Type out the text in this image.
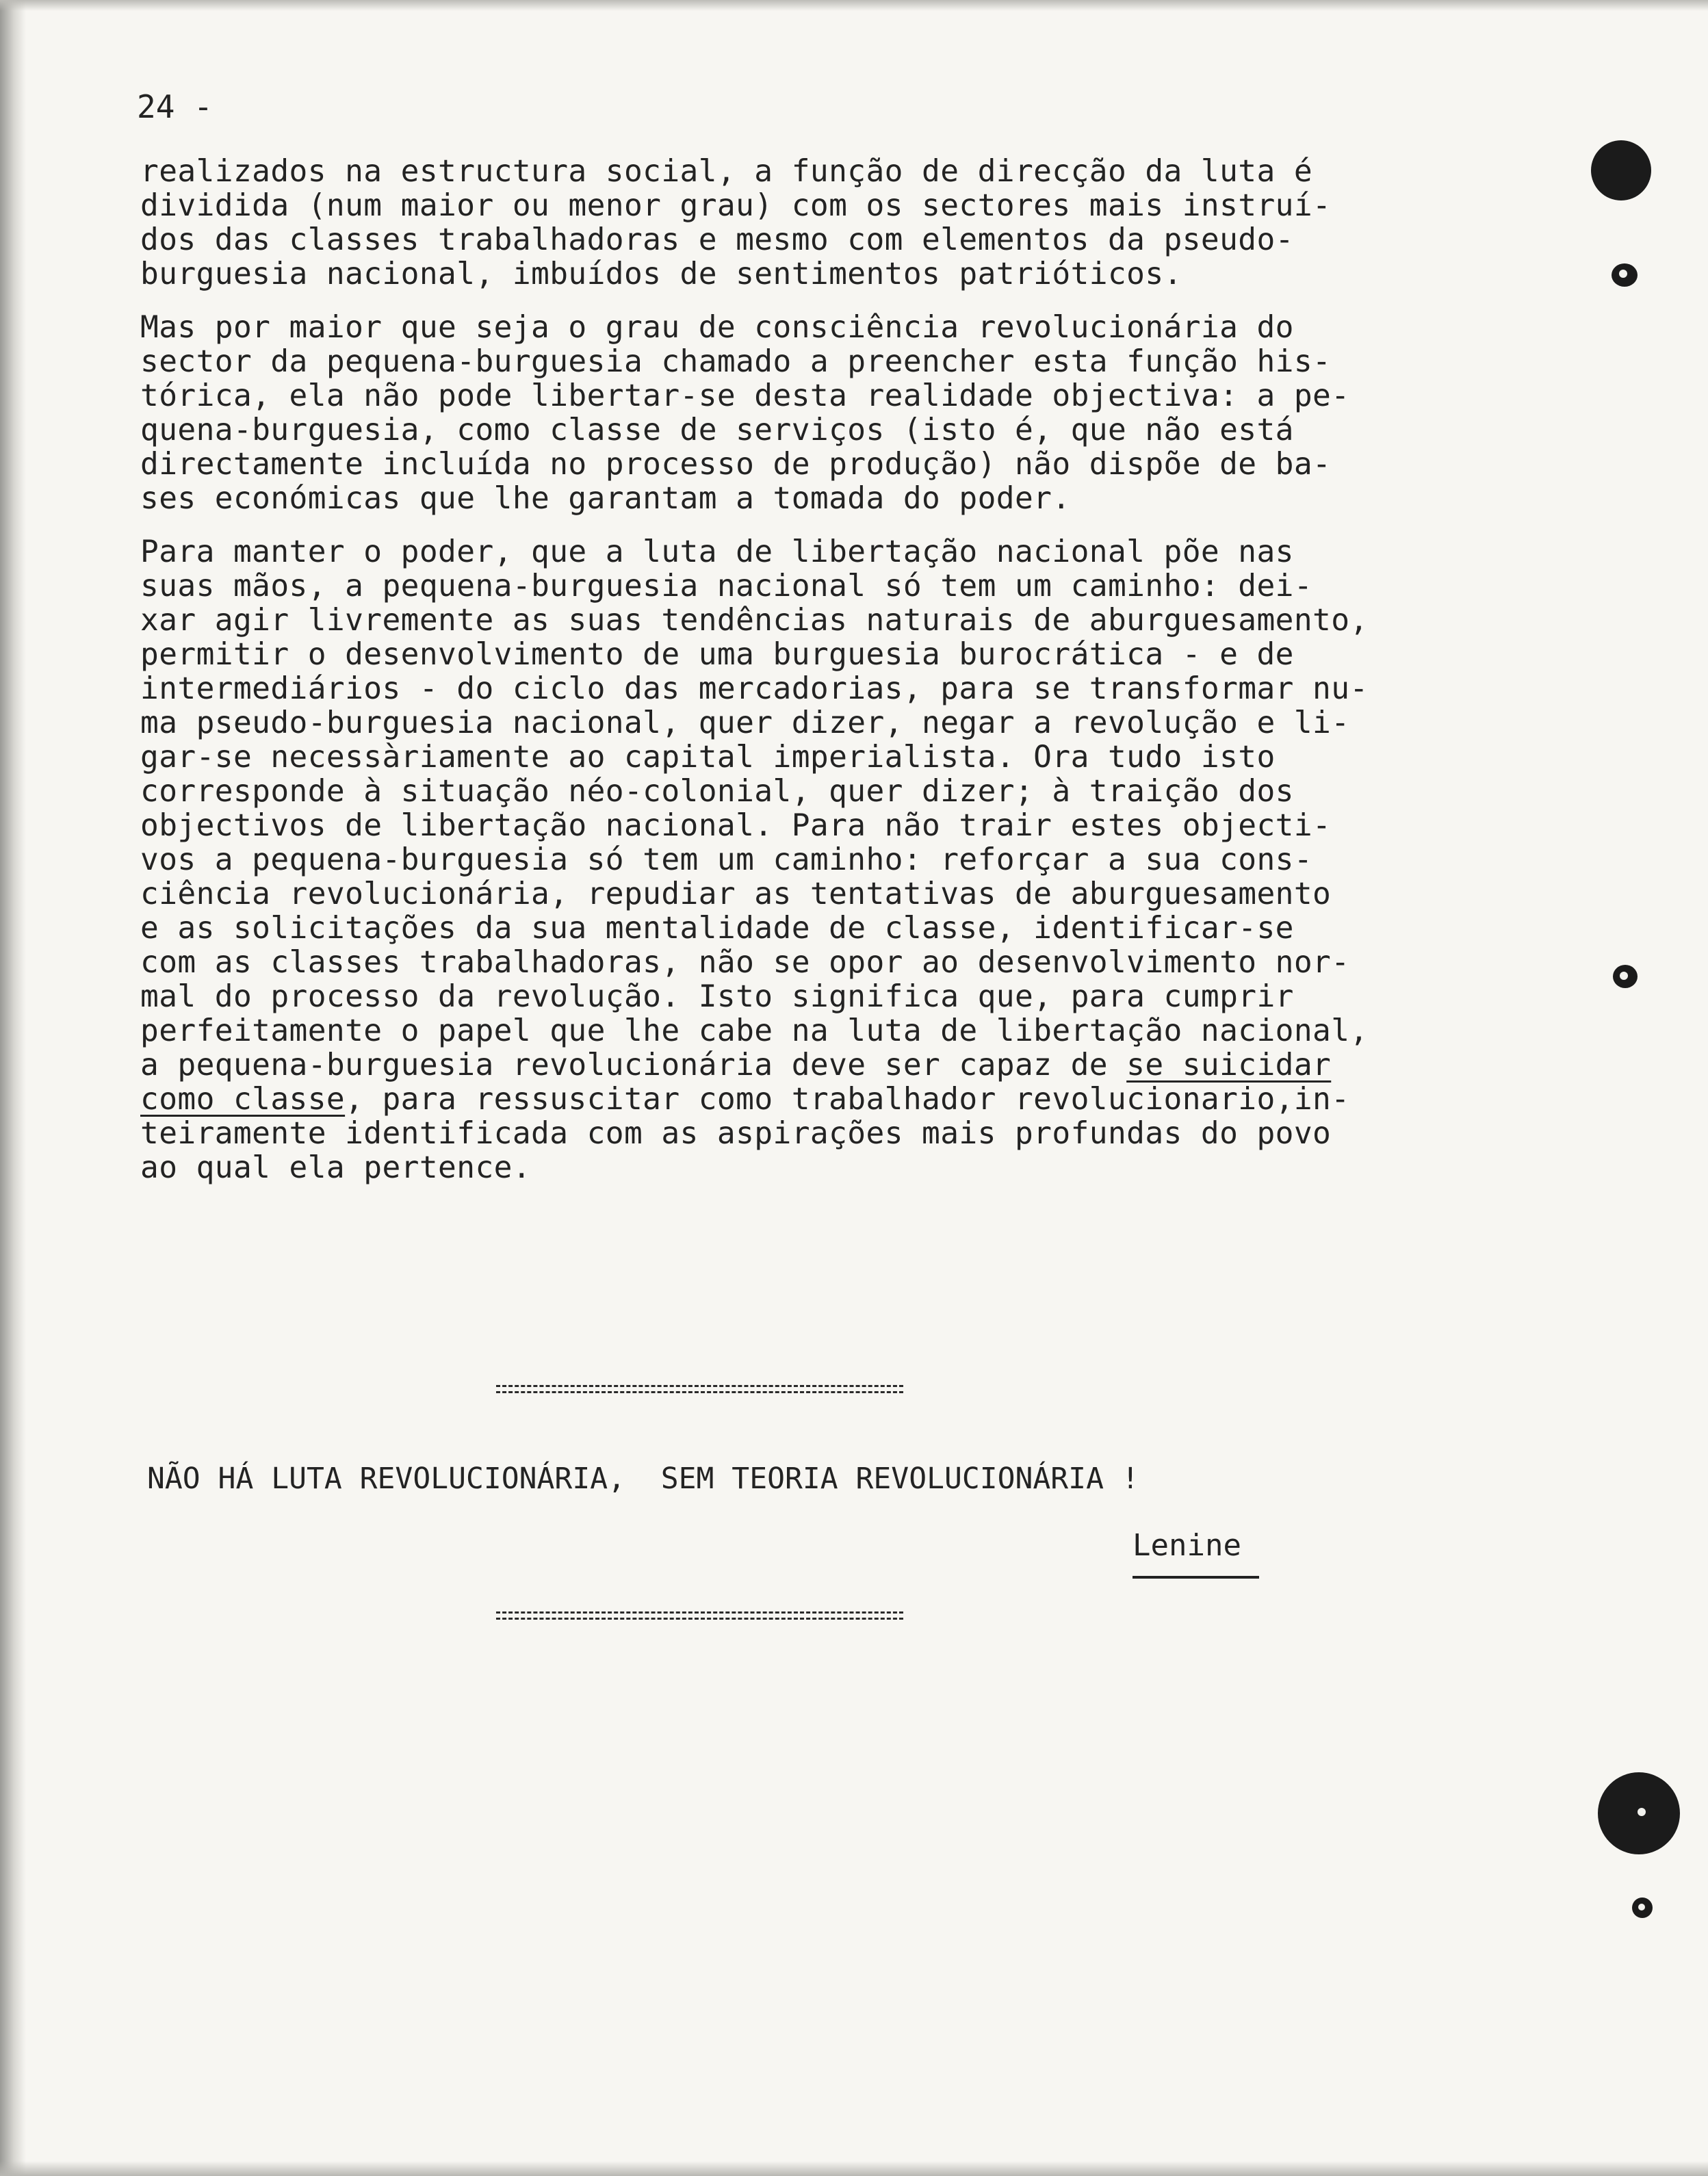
24 -
realizados na estructura social, a função de direcção da luta é
dividida (num maior ou menor grau) com os sectores mais instruí-
dos das classes trabalhadoras e mesmo com elementos da pseudo-
burguesia nacional, imbuídos de sentimentos patrióticos.
Mas por maior que seja o grau de consciência revolucionária do
sector da pequena-burguesia chamado a preencher esta função his-
tórica, ela não pode libertar-se desta realidade objectiva: a pe-
quena-burguesia, como classe de serviços (isto é, que não está
directamente incluída no processo de produção) não dispõe de ba-
ses económicas que lhe garantam a tomada do poder.
Para manter o poder, que a luta de libertação nacional põe nas
suas mãos, a pequena-burguesia nacional só tem um caminho: dei-
xar agir livremente as suas tendências naturais de aburguesamento,
permitir o desenvolvimento de uma burguesia burocrática - e de
intermediários - do ciclo das mercadorias, para se transformar nu-
ma pseudo-burguesia nacional, quer dizer, negar a revolução e li-
gar-se necessàriamente ao capital imperialista. Ora tudo isto
corresponde à situação néo-colonial, quer dizer; à traição dos
objectivos de libertação nacional. Para não trair estes objecti-
vos a pequena-burguesia só tem um caminho: reforçar a sua cons-
ciência revolucionária, repudiar as tentativas de aburguesamento
e as solicitações da sua mentalidade de classe, identificar-se
com as classes trabalhadoras, não se opor ao desenvolvimento nor-
mal do processo da revolução. Isto significa que, para cumprir
perfeitamente o papel que lhe cabe na luta de libertação nacional,
a pequena-burguesia revolucionária deve ser capaz de se suicidar
como classe, para ressuscitar como trabalhador revolucionario,in-
teiramente identificada com as aspirações mais profundas do povo
ao qual ela pertence.
NÃO HÁ LUTA REVOLUCIONÁRIA,  SEM TEORIA REVOLUCIONÁRIA !
Lenine
